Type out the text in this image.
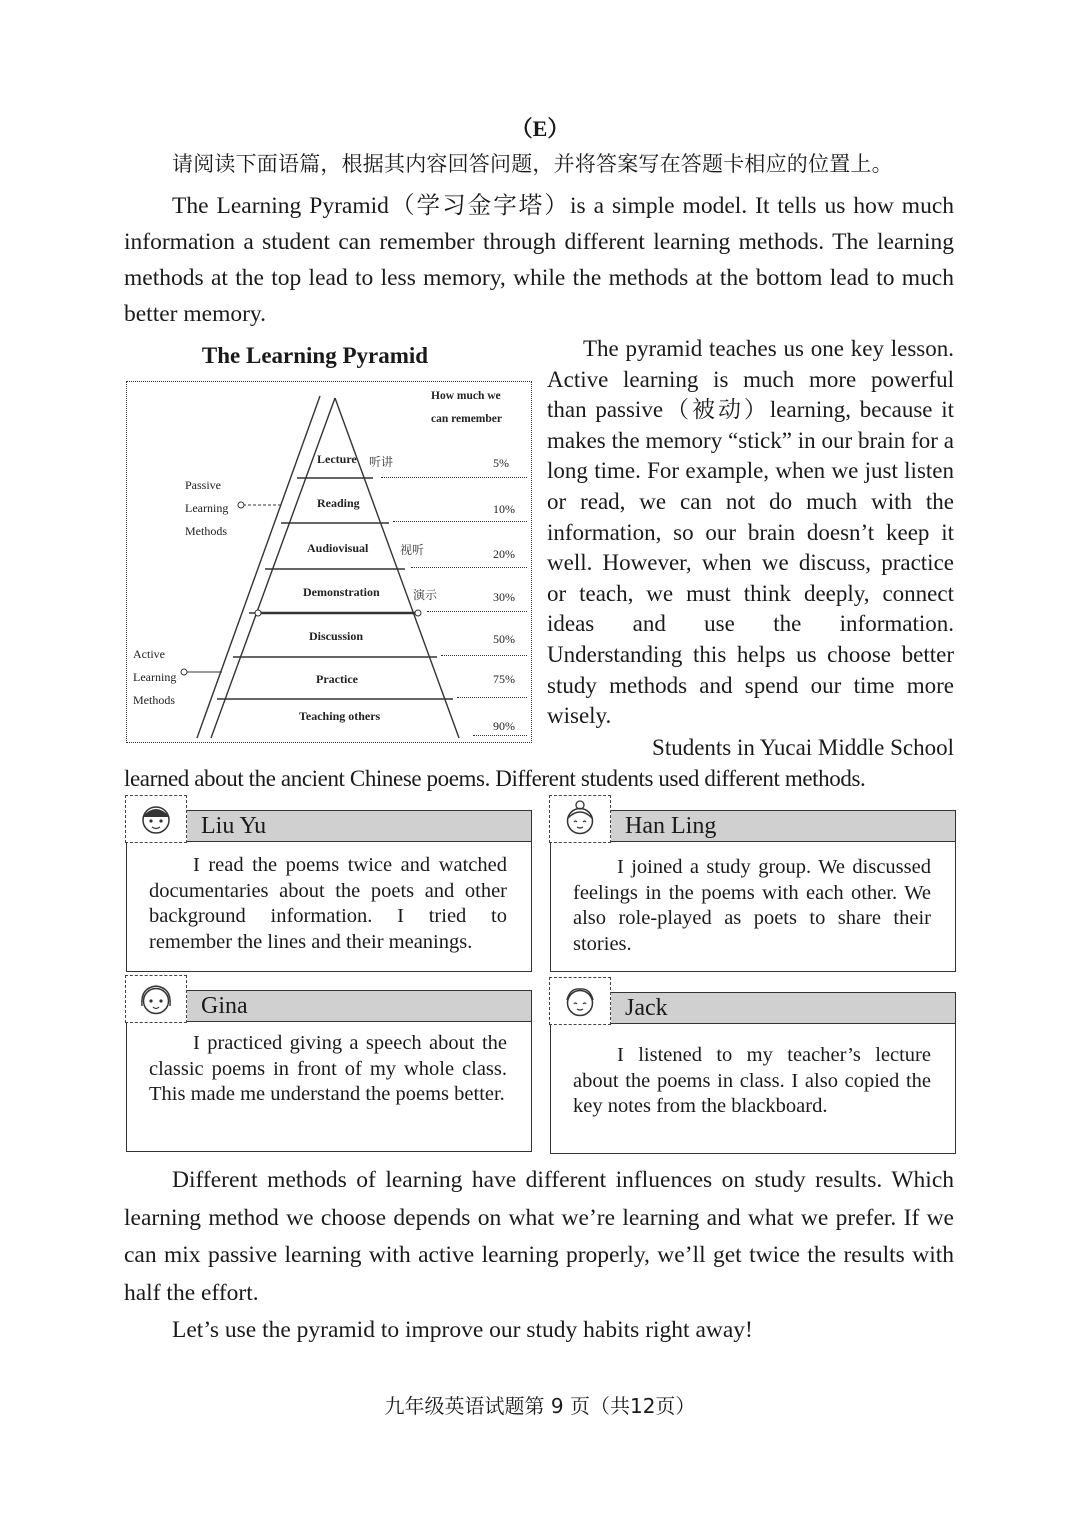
（E）

请阅读下面语篇，根据其内容回答问题，并将答案写在答题卡相应的位置上。

The Learning Pyramid（学习金字塔）is a simple model. It tells us how much information a student can remember through different learning methods. The learning methods at the top lead to less memory, while the methods at the bottom lead to much better memory.

The Learning Pyramid
How much we
can remember
Passive
Learning
Methods
Active
Learning
Methods
Lecture
Reading
Audiovisual
Demonstration
Discussion
Practice
Teaching others
听讲
视听
演示
5%
10%
20%
30%
50%
75%
90%

The pyramid teaches us one key lesson. Active learning is much more powerful than passive（被动）learning, because it makes the memory “stick” in our brain for a long time. For example, when we just listen or read, we can not do much with the information, so our brain doesn’t keep it well. However, when we discuss, practice or teach, we must think deeply, connect ideas and use the information. Understanding this helps us choose better study methods and spend our time more wisely.

Students in Yucai Middle School
learned about the ancient Chinese poems. Different students used different methods.
Liu Yu

I read the poems twice and watched documentaries about the poets and other background information. I tried to remember the lines and their meanings.

Han Ling

I joined a study group. We discussed feelings in the poems with each other. We also role-played as poets to share their stories.

Gina

I practiced giving a speech about the classic poems in front of my whole class. This made me understand the poems better.

Jack

I listened to my teacher’s lecture about the poems in class. I also copied the key notes from the blackboard.

Different methods of learning have different influences on study results. Which learning method we choose depends on what we’re learning and what we prefer. If we can mix passive learning with active learning properly, we’ll get twice the results with half the effort.

Let’s use the pyramid to improve our study habits right away!

九年级英语试题第 9 页（共12页）
